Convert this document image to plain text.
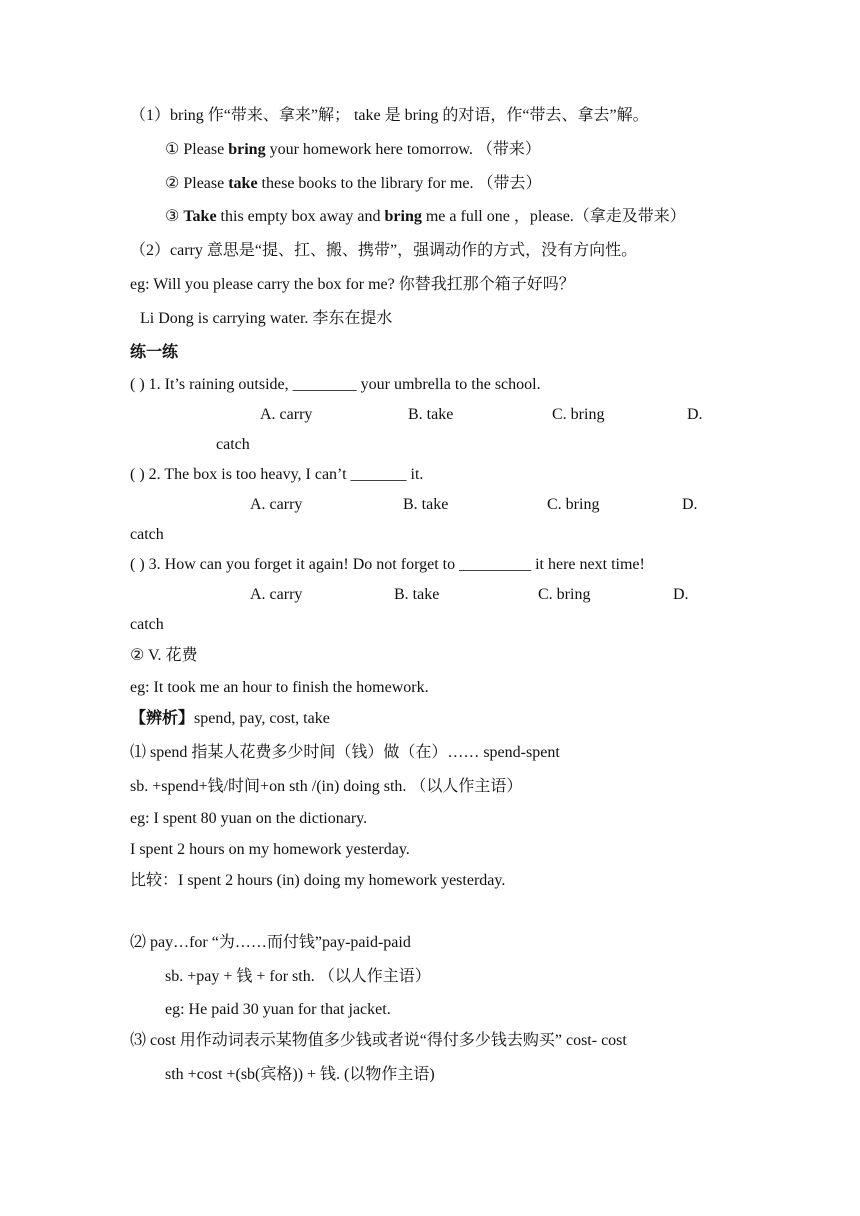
（1）bring 作“带来、拿来”解； take 是 bring 的对语，作“带去、拿去”解。
① Please bring your homework here tomorrow. （带来）
② Please take these books to the library for me. （带去）
③ Take this empty box away and bring me a full one ，please.（拿走及带来）
（2）carry 意思是“提、扛、搬、携带”，强调动作的方式，没有方向性。
eg: Will you please carry the box for me? 你替我扛那个箱子好吗？
Li Dong is carrying water. 李东在提水
练一练
( ) 1. It’s raining outside, ________ your umbrella to the school.
A. carry	B. take	C. bring	D.
catch
( ) 2. The box is too heavy, I can’t _______ it.
A. carry	B. take	C. bring	D.
catch
( ) 3. How can you forget it again! Do not forget to _________ it here next time!
A. carry	B. take	C. bring	D.
catch
② V. 花费
eg: It took me an hour to finish the homework.
【辨析】spend, pay, cost, take
⑴ spend 指某人花费多少时间（钱）做（在）…… spend-spent
sb. +spend+钱/时间+on sth /(in) doing sth. （以人作主语）
eg: I spent 80 yuan on the dictionary.
I spent 2 hours on my homework yesterday.
比较：I spent 2 hours (in) doing my homework yesterday.
⑵ pay…for “为……而付钱”pay-paid-paid
sb. +pay + 钱 + for sth. （以人作主语）
eg: He paid 30 yuan for that jacket.
⑶ cost 用作动词表示某物值多少钱或者说“得付多少钱去购买” cost- cost
sth +cost +(sb(宾格)) + 钱. (以物作主语)
